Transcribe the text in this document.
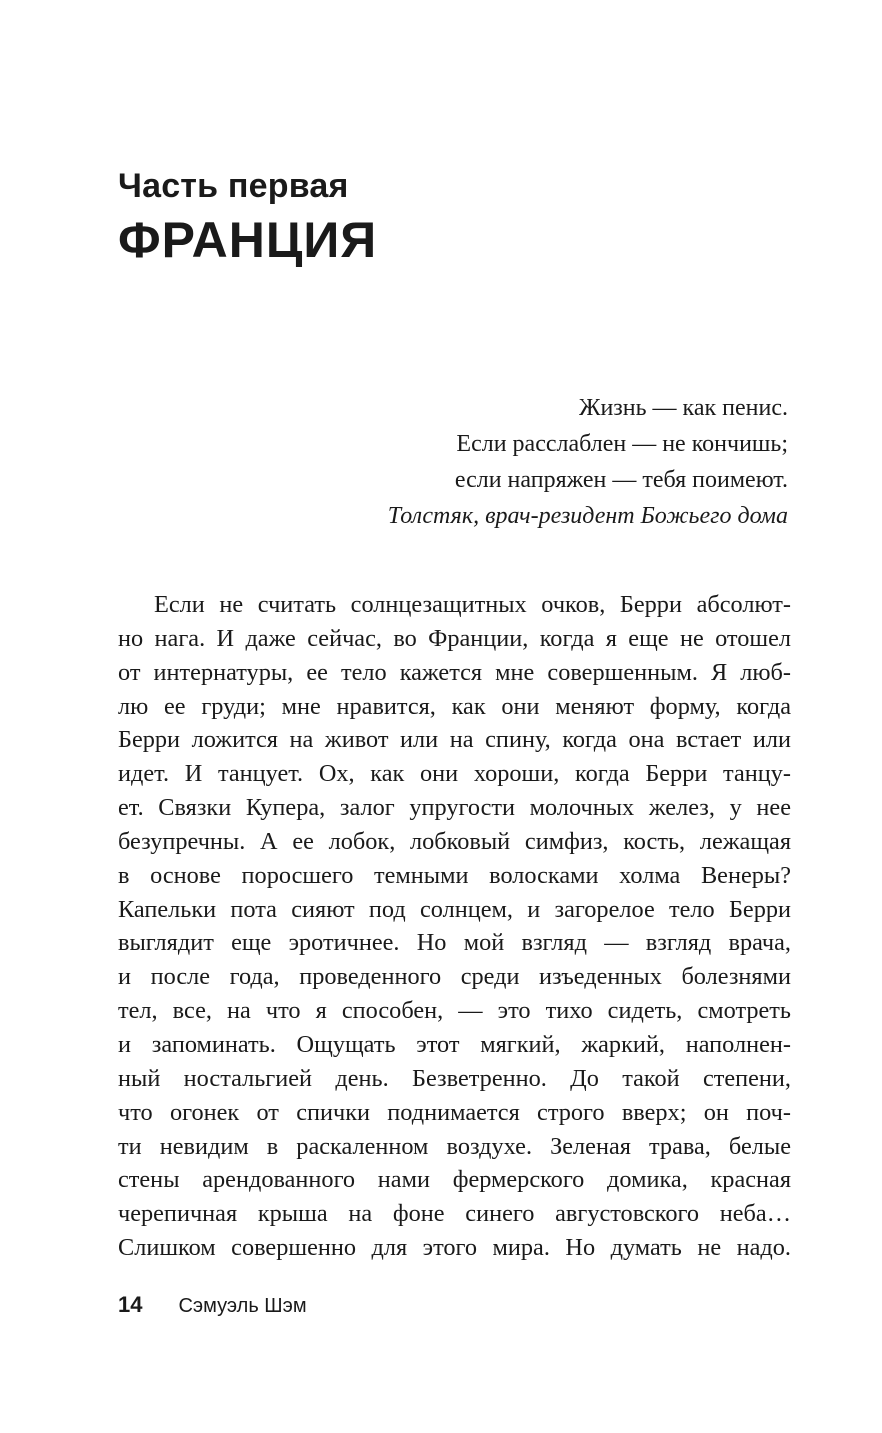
Часть первая
ФРАНЦИЯ
Жизнь — как пенис.
Если расслаблен — не кончишь;
если напряжен — тебя поимеют.
Толстяк, врач-резидент Божьего дома
Если не считать солнцезащитных очков, Берри абсолют-
но нага. И даже сейчас, во Франции, когда я еще не отошел
от интернатуры, ее тело кажется мне совершенным. Я люб-
лю ее груди; мне нравится, как они меняют форму, когда
Берри ложится на живот или на спину, когда она встает или
идет. И танцует. Ох, как они хороши, когда Берри танцу-
ет. Связки Купера, залог упругости молочных желез, у нее
безупречны. А ее лобок, лобковый симфиз, кость, лежащая
в основе поросшего темными волосками холма Венеры?
Капельки пота сияют под солнцем, и загорелое тело Берри
выглядит еще эротичнее. Но мой взгляд — взгляд врача,
и после года, проведенного среди изъеденных болезнями
тел, все, на что я способен, — это тихо сидеть, смотреть
и запоминать. Ощущать этот мягкий, жаркий, наполнен-
ный ностальгией день. Безветренно. До такой степени,
что огонек от спички поднимается строго вверх; он поч-
ти невидим в раскаленном воздухе. Зеленая трава, белые
стены арендованного нами фермерского домика, красная
черепичная крыша на фоне синего августовского неба…
Слишком совершенно для этого мира. Но думать не надо.
14 Сэмуэль Шэм
